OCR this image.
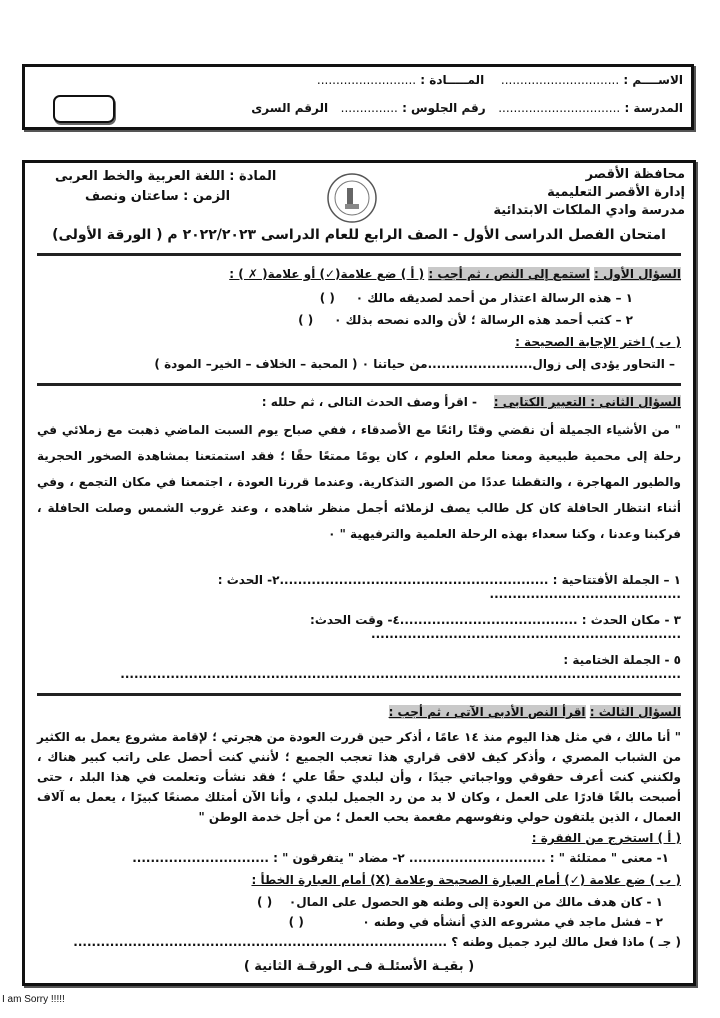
الاســــم : ...............................    المـــــادة : ..........................
المدرسة : ................................   رقم الجلوس : ...............   الرقم السرى
محافظة الأقصر
إدارة الأقصر التعليمية
مدرسة وادي الملكات الابتدائية
المادة : اللغة العربية والخط العربى
الزمن : ساعتان ونصف
امتحان الفصل الدراسى الأول - الصف الرابع للعام الدراسى ٢٠٢٢/٢٠٢٣ م ( الورقة الأولى)
السؤال الأول : استمع إلى النص ، ثم أجب : ( أ ) ضع علامة(✓) أو علامة( ✗ ) :
١ – هذه الرسالة اعتذار من أحمد لصديقه مالك ٠     ( )
٢ – كتب أحمد هذه الرسالة ؛ لأن والده نصحه بذلك ٠     ( )
( ب ) اختر الإجابة الصحيحة :
– التحاور يؤدى إلى زوال.......................من حياتنا ٠ ( المحبة – الخلاف – الخير– المودة )
السؤال الثانى : التعبير الكتابى :    - اقرأ وصف الحدث التالى ، ثم حلله :
" من الأشياء الجميلة أن نقضي وقتًا رائعًا مع الأصدقاء ، ففي صباح يوم السبت الماضي ذهبت مع زملائي في رحلة إلى محمية طبيعية ومعنا معلم العلوم ، كان يومًا ممتعًا حقًا ؛ فقد استمتعنا بمشاهدة الصخور الحجرية والطيور المهاجرة ، والتقطنا عددًا من الصور التذكارية. وعندما قررنا العودة ، اجتمعنا في مكان التجمع ، وفي أثناء انتظار الحافلة كان كل طالب يصف لزملائه أجمل منظر شاهده ، وعند غروب الشمس وصلت الحافلة ، فركبنا وعدنا ، وكنا سعداء بهذه الرحلة العلمية والترفيهية " ٠
١ – الجملة الأفتتاحية : ...........................................................٢- الحدث : ..........................................
٣ - مكان الحدث : .......................................٤- وقت الحدث: ....................................................................
٥ - الجملة الختامية : ...........................................................................................................................
السؤال الثالث : اقرأ النص الأدبى الآتى ، ثم أجب :
" أنا مالك ، في مثل هذا اليوم منذ ١٤ عامًا ، أذكر حين قررت العودة من هجرتي ؛ لإقامة مشروع يعمل به الكثير من الشباب المصري ، وأذكر كيف لاقى قراري هذا تعجب الجميع ؛ لأنني كنت أحصل على راتب كبير هناك ، ولكنني كنت أعرف حقوقي وواجباتي جيدًا ، وأن لبلدي حقًا علي ؛ فقد نشأت وتعلمت في هذا البلد ، حتى أصبحت بالغًا قادرًا على العمل ، وكان لا بد من رد الجميل لبلدي ، وأنا الآن أمتلك مصنعًا كبيرًا ، يعمل به آلاف العمال ، الذين يلتفون حولي ونفوسهم مفعمة بحب العمل ؛ من أجل خدمة الوطن "
( أ ) استخرج من الفقرة :
١- معنى " ممتلئة " : .............................. ٢- مضاد " يتفرقون " : ..............................
( ب ) ضع علامة (✓) أمام العبارة الصحيحة وعلامة (X) أمام العبارة الخطأ :
١ - كان هدف مالك من العودة إلى وطنه هو الحصول على المال٠    ( )
٢ – فشل ماجد في مشروعه الذي أنشأه في وطنه ٠              ( )
( جـ ) ماذا فعل مالك ليرد جميل وطنه ؟ ..................................................................................
( بقيـة الأسئلـة فـى الورقـة الثانية )
I am Sorry !!!!!
